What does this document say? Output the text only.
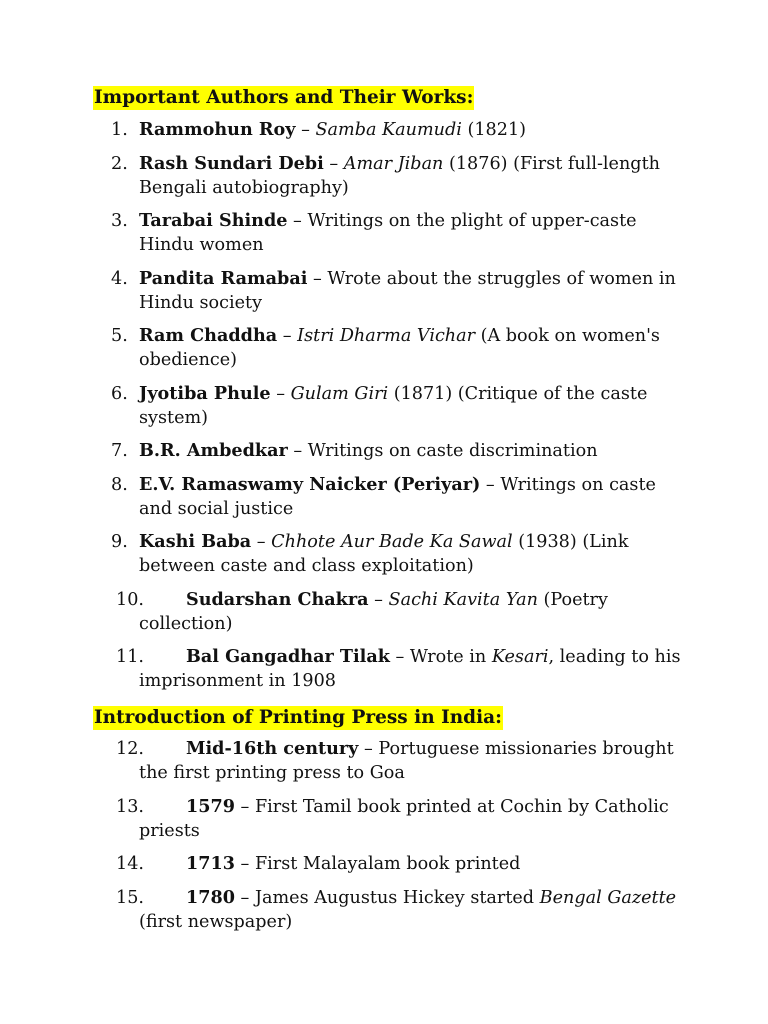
Important Authors and Their Works:
1. Rammohun Roy – Samba Kaumudi (1821)
2. Rash Sundari Debi – Amar Jiban (1876) (First full-length Bengali autobiography)
3. Tarabai Shinde – Writings on the plight of upper-caste Hindu women
4. Pandita Ramabai – Wrote about the struggles of women in Hindu society
5. Ram Chaddha – Istri Dharma Vichar (A book on women's obedience)
6. Jyotiba Phule – Gulam Giri (1871) (Critique of the caste system)
7. B.R. Ambedkar – Writings on caste discrimination
8. E.V. Ramaswamy Naicker (Periyar) – Writings on caste and social justice
9. Kashi Baba – Chhote Aur Bade Ka Sawal (1938) (Link between caste and class exploitation)
10. Sudarshan Chakra – Sachi Kavita Yan (Poetry collection)
11. Bal Gangadhar Tilak – Wrote in Kesari, leading to his imprisonment in 1908
Introduction of Printing Press in India:
12. Mid-16th century – Portuguese missionaries brought the first printing press to Goa
13. 1579 – First Tamil book printed at Cochin by Catholic priests
14. 1713 – First Malayalam book printed
15. 1780 – James Augustus Hickey started Bengal Gazette (first newspaper)
